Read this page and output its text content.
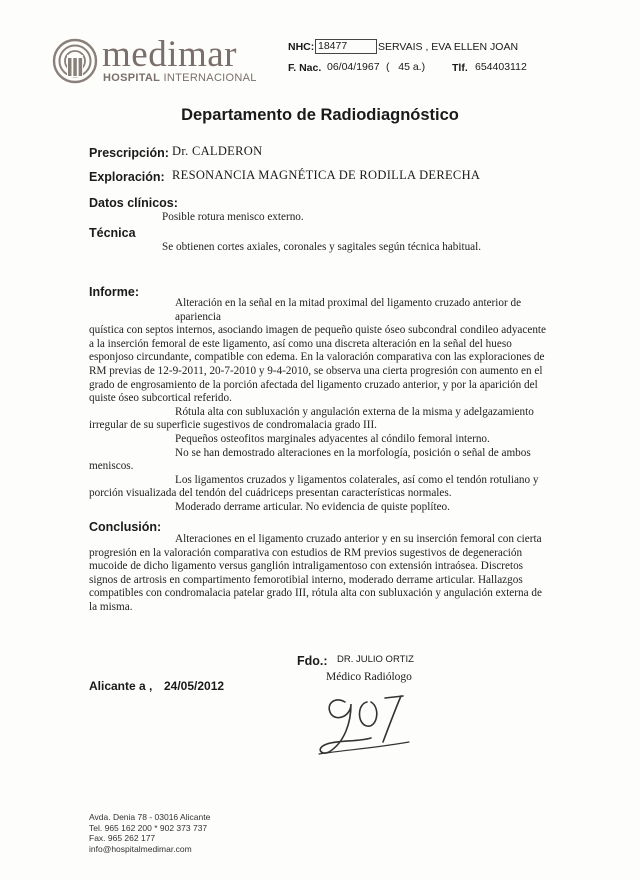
medimar
HOSPITAL INTERNACIONAL
NHC: 18477	SERVAIS , EVA ELLEN JOAN
F. Nac. 06/04/1967 (   45 a.)	Tlf. 654403112
Departamento de Radiodiagnóstico
Prescripción: Dr. CALDERON
Exploración: RESONANCIA MAGNÉTICA DE RODILLA DERECHA
Datos clínicos:
Posible rotura menisco externo.
Técnica
Se obtienen cortes axiales, coronales y sagitales según técnica habitual.
Informe:

Alteración en la señal en la mitad proximal del ligamento cruzado anterior de apariencia

quística con septos internos, asociando imagen de pequeño quiste óseo subcondral condileo adyacente

a la inserción femoral de este ligamento, así como una discreta alteración en la señal del hueso

esponjoso circundante, compatible con edema. En la valoración comparativa con las exploraciones de

RM previas de 12-9-2011, 20-7-2010 y 9-4-2010, se observa una cierta progresión con aumento en el

grado de engrosamiento de la porción afectada del ligamento cruzado anterior, y por la aparición del

quiste óseo subcortical referido.

Rótula alta con subluxación y angulación externa de la misma y adelgazamiento

irregular de su superficie sugestivos de condromalacia grado III.

Pequeños osteofitos marginales adyacentes al cóndilo femoral interno.

No se han demostrado alteraciones en la morfología, posición o señal de ambos

meniscos.

Los ligamentos cruzados y ligamentos colaterales, así como el tendón rotuliano y

porción visualizada del tendón del cuádriceps presentan características normales.

Moderado derrame articular. No evidencia de quiste poplíteo.

Conclusión:

Alteraciones en el ligamento cruzado anterior y en su inserción femoral con cierta

progresión en la valoración comparativa con estudios de RM previos sugestivos de degeneración

mucoide de dicho ligamento versus ganglión intraligamentoso con extensión intraósea. Discretos

signos de artrosis en compartimento femorotibial interno, moderado derrame articular. Hallazgos

compatibles con condromalacia patelar grado III, rótula alta con subluxación y angulación externa de

la misma.

Fdo.: DR. JULIO ORTIZ
Médico Radiólogo
Alicante a , 24/05/2012
Avda. Denia 78 - 03016 Alicante
Tel. 965 162 200 * 902 373 737
Fax. 965 262 177
info@hospitalmedimar.com
